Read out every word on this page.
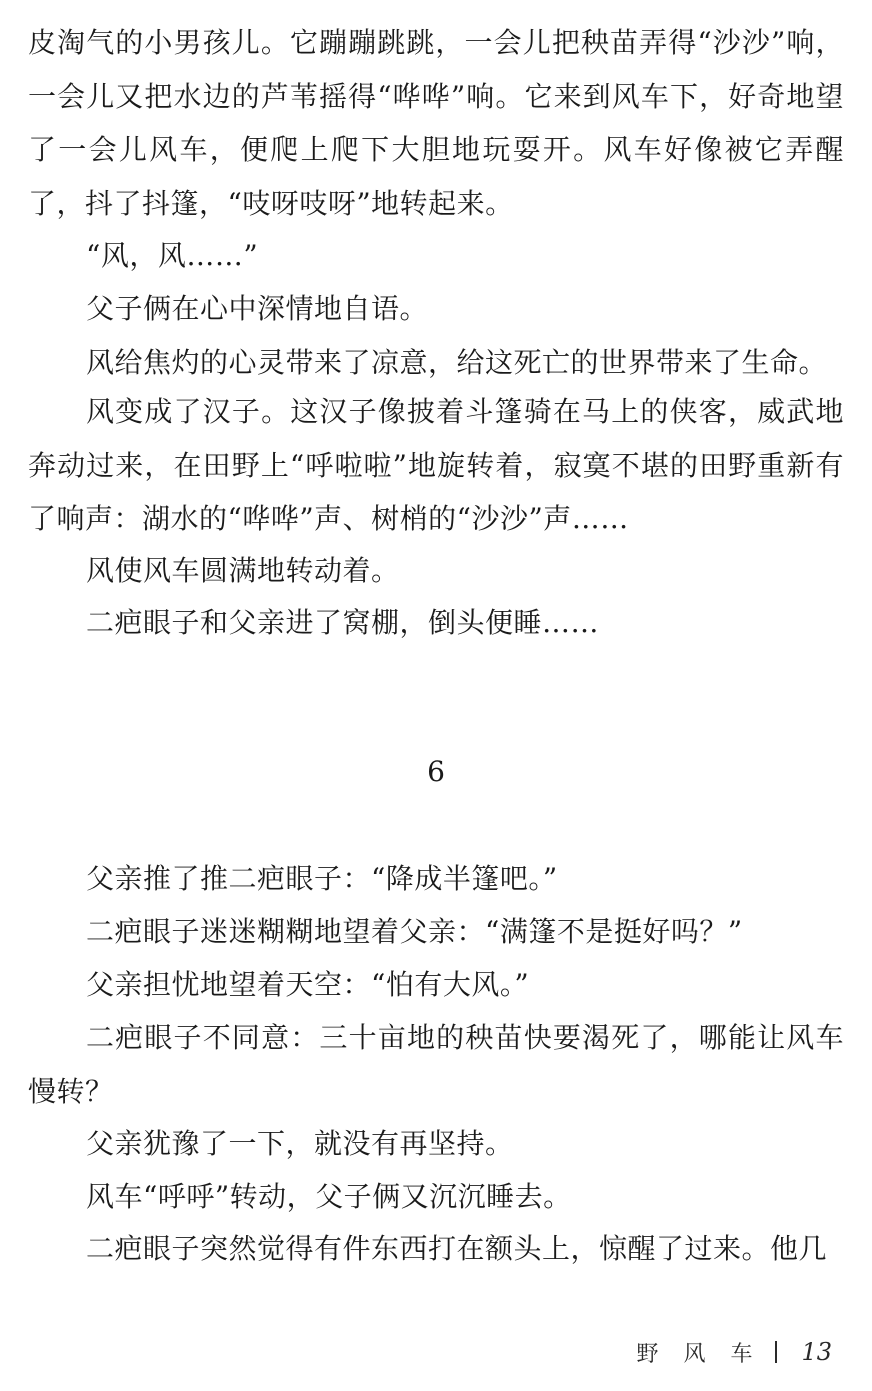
皮淘气的小男孩儿。它蹦蹦跳跳，一会儿把秧苗弄得“沙沙”响，一会儿又把水边的芦苇摇得“哗哗”响。它来到风车下，好奇地望了一会儿风车，便爬上爬下大胆地玩耍开。风车好像被它弄醒了，抖了抖篷，“吱呀吱呀”地转起来。

“风，风……”

父子俩在心中深情地自语。

风给焦灼的心灵带来了凉意，给这死亡的世界带来了生命。

风变成了汉子。这汉子像披着斗篷骑在马上的侠客，威武地奔动过来，在田野上“呼啦啦”地旋转着，寂寞不堪的田野重新有了响声：湖水的“哗哗”声、树梢的“沙沙”声……

风使风车圆满地转动着。

二疤眼子和父亲进了窝棚，倒头便睡……

6

父亲推了推二疤眼子：“降成半篷吧。”

二疤眼子迷迷糊糊地望着父亲：“满篷不是挺好吗？”

父亲担忧地望着天空：“怕有大风。”

二疤眼子不同意：三十亩地的秧苗快要渴死了，哪能让风车慢转？

父亲犹豫了一下，就没有再坚持。

风车“呼呼”转动，父子俩又沉沉睡去。

二疤眼子突然觉得有件东西打在额头上，惊醒了过来。他几

野 风 车 13
